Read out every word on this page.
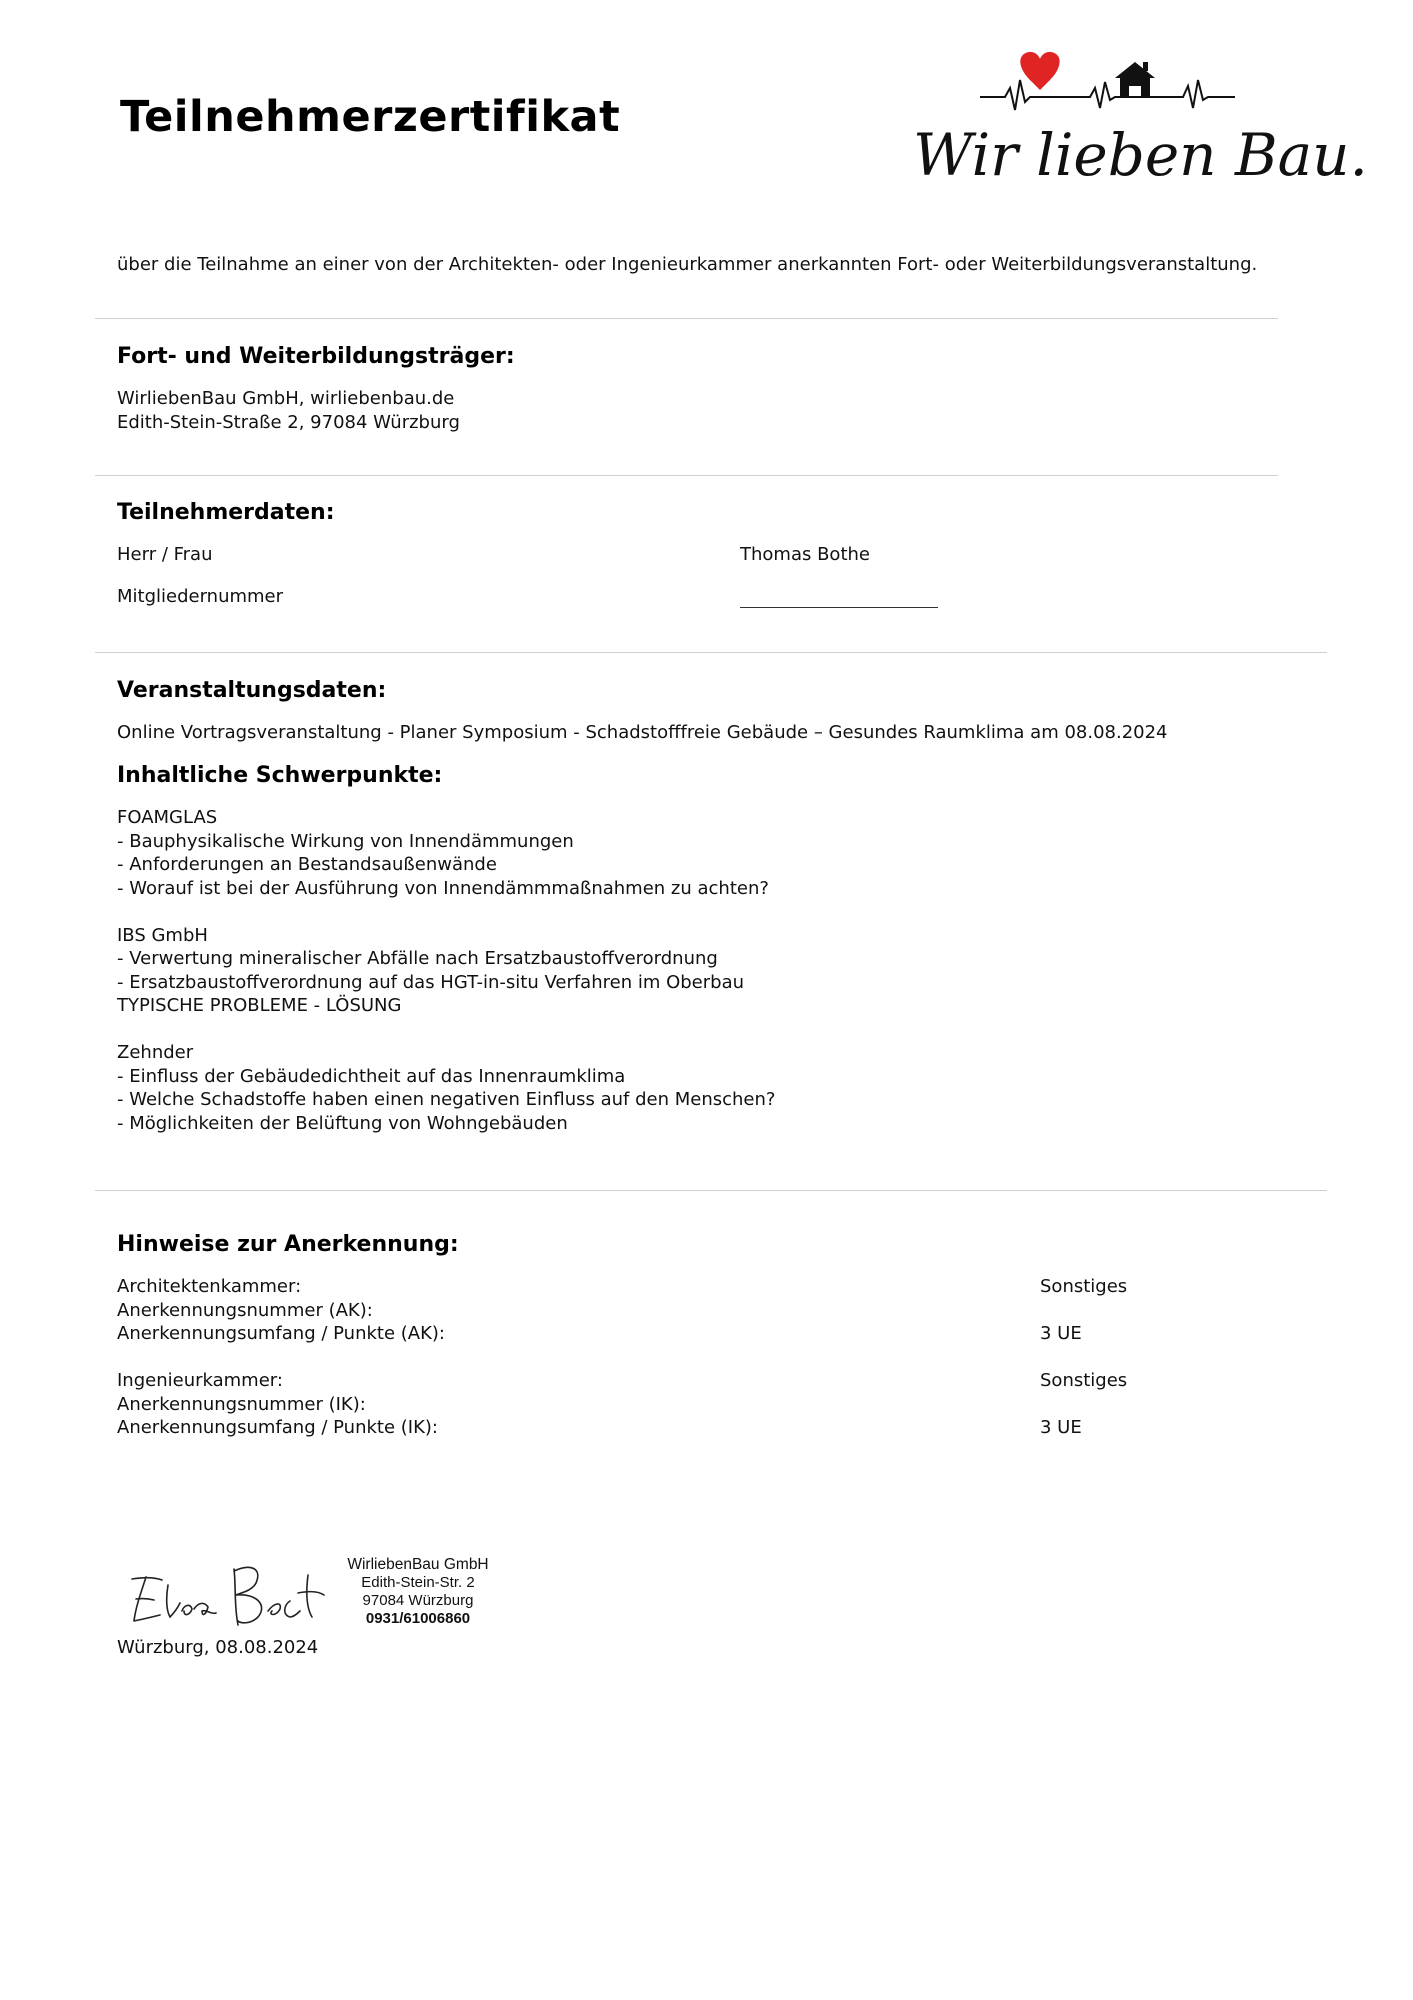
Teilnehmerzertifikat
Wir lieben Bau.
über die Teilnahme an einer von der Architekten- oder Ingenieurkammer anerkannten Fort- oder Weiterbildungsveranstaltung.
Fort- und Weiterbildungsträger:
WirliebenBau GmbH, wirliebenbau.de
Edith-Stein-Straße 2, 97084 Würzburg
Teilnehmerdaten:
Herr / Frau	Thomas Bothe
Mitgliedernummer
Veranstaltungsdaten:
Online Vortragsveranstaltung - Planer Symposium - Schadstofffreie Gebäude – Gesundes Raumklima am 08.08.2024
Inhaltliche Schwerpunkte:
FOAMGLAS
- Bauphysikalische Wirkung von Innendämmungen
- Anforderungen an Bestandsaußenwände
- Worauf ist bei der Ausführung von Innendämmmaßnahmen zu achten?
IBS GmbH
- Verwertung mineralischer Abfälle nach Ersatzbaustoffverordnung
- Ersatzbaustoffverordnung auf das HGT-in-situ Verfahren im Oberbau
TYPISCHE PROBLEME - LÖSUNG
Zehnder
- Einfluss der Gebäudedichtheit auf das Innenraumklima
- Welche Schadstoffe haben einen negativen Einfluss auf den Menschen?
- Möglichkeiten der Belüftung von Wohngebäuden
Hinweise zur Anerkennung:
Architektenkammer:
Anerkennungsnummer (AK):
Anerkennungsumfang / Punkte (AK):
Ingenieurkammer:
Anerkennungsnummer (IK):
Anerkennungsumfang / Punkte (IK):
Sonstiges
3 UE
Sonstiges
3 UE
WirliebenBau GmbH
Edith-Stein-Str. 2
97084 Würzburg
0931/61006860
Würzburg, 08.08.2024
